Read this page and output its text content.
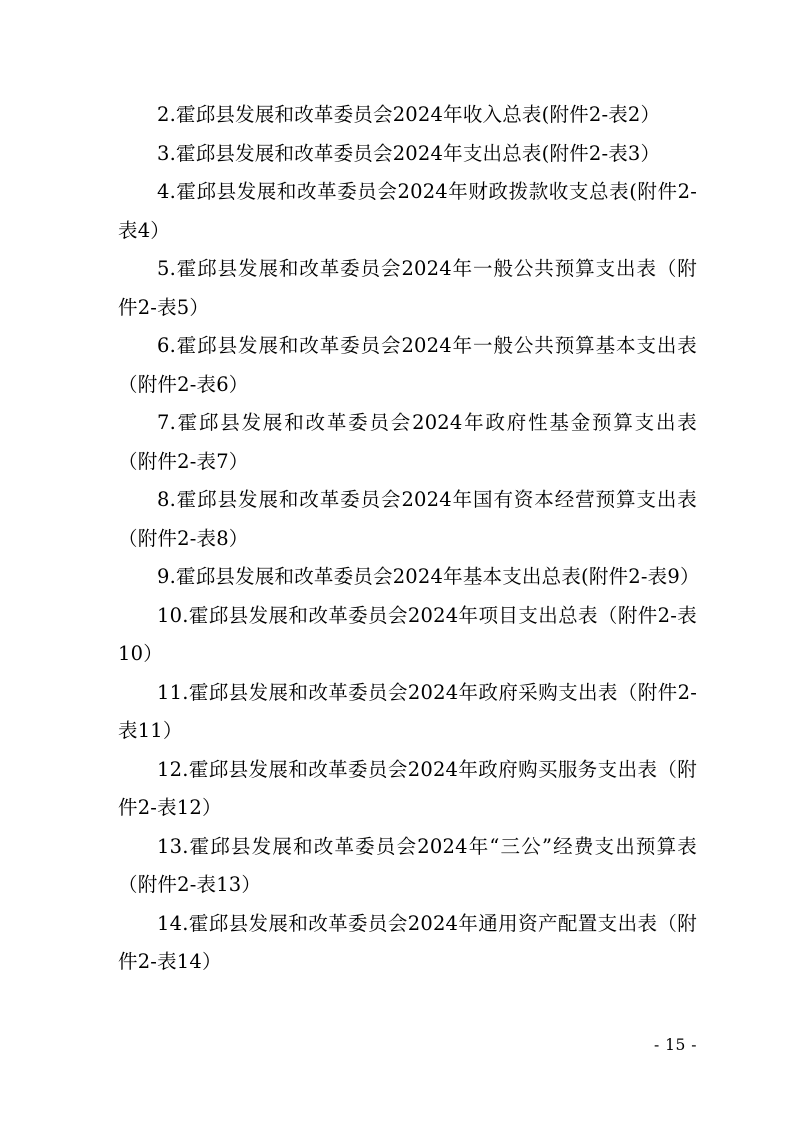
2.霍邱县发展和改革委员会2024年收入总表(附件2-表2）

3.霍邱县发展和改革委员会2024年支出总表(附件2-表3）

4.霍邱县发展和改革委员会2024年财政拨款收支总表(附件2-表4）

5.霍邱县发展和改革委员会2024年一般公共预算支出表（附件2-表5）

6.霍邱县发展和改革委员会2024年一般公共预算基本支出表（附件2-表6）

7.霍邱县发展和改革委员会2024年政府性基金预算支出表（附件2-表7）

8.霍邱县发展和改革委员会2024年国有资本经营预算支出表（附件2-表8）

9.霍邱县发展和改革委员会2024年基本支出总表(附件2-表9）

10.霍邱县发展和改革委员会2024年项目支出总表（附件2-表10）

11.霍邱县发展和改革委员会2024年政府采购支出表（附件2-表11）

12.霍邱县发展和改革委员会2024年政府购买服务支出表（附件2-表12）

13.霍邱县发展和改革委员会2024年“三公”经费支出预算表（附件2-表13）

14.霍邱县发展和改革委员会2024年通用资产配置支出表（附件2-表14）

- 15 -
